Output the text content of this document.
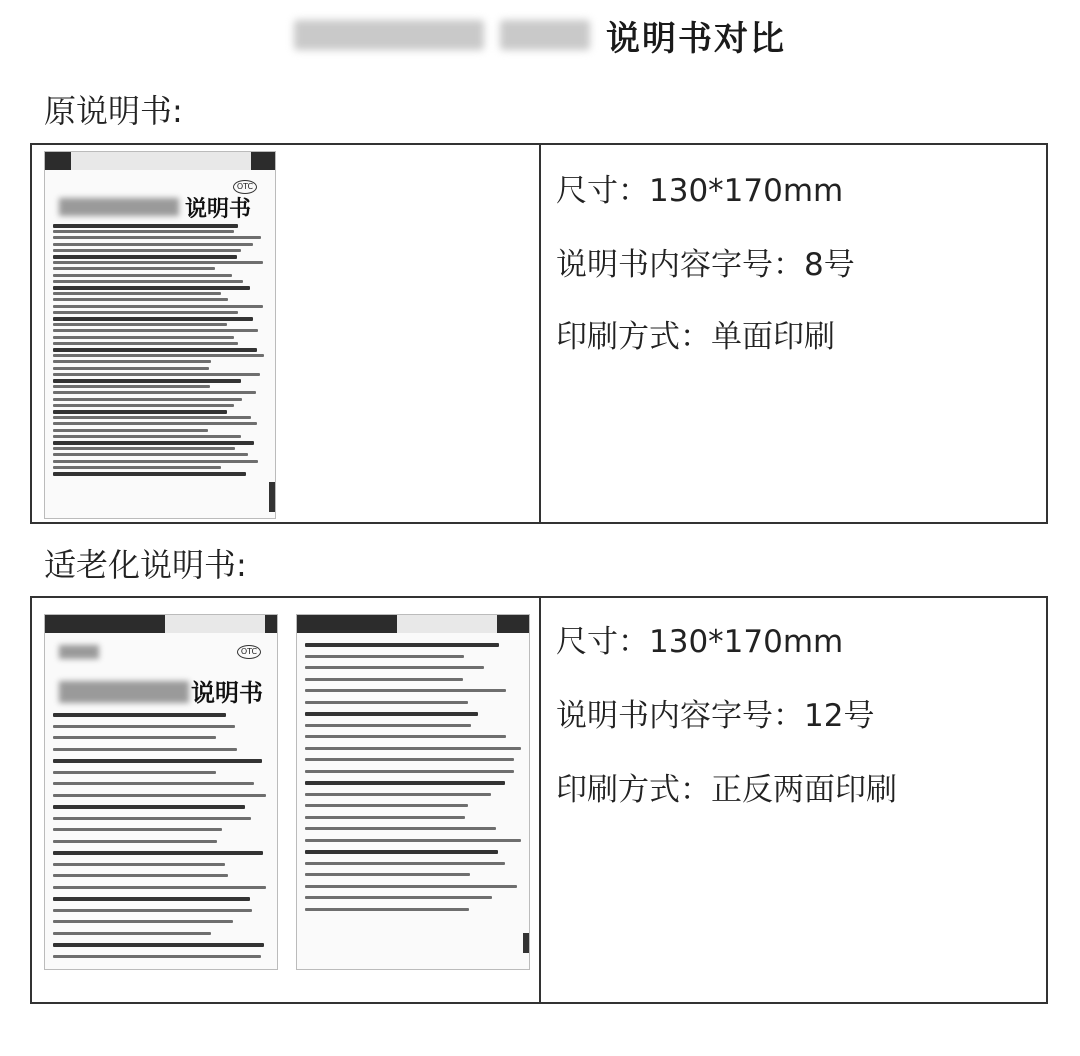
说明书对比
原说明书:
OTC
说明书	尺寸：130*170mm
说明书内容字号：8号
印刷方式：单面印刷
适老化说明书:
OTC
说明书
尺寸：130*170mm
说明书内容字号：12号
印刷方式：正反两面印刷
